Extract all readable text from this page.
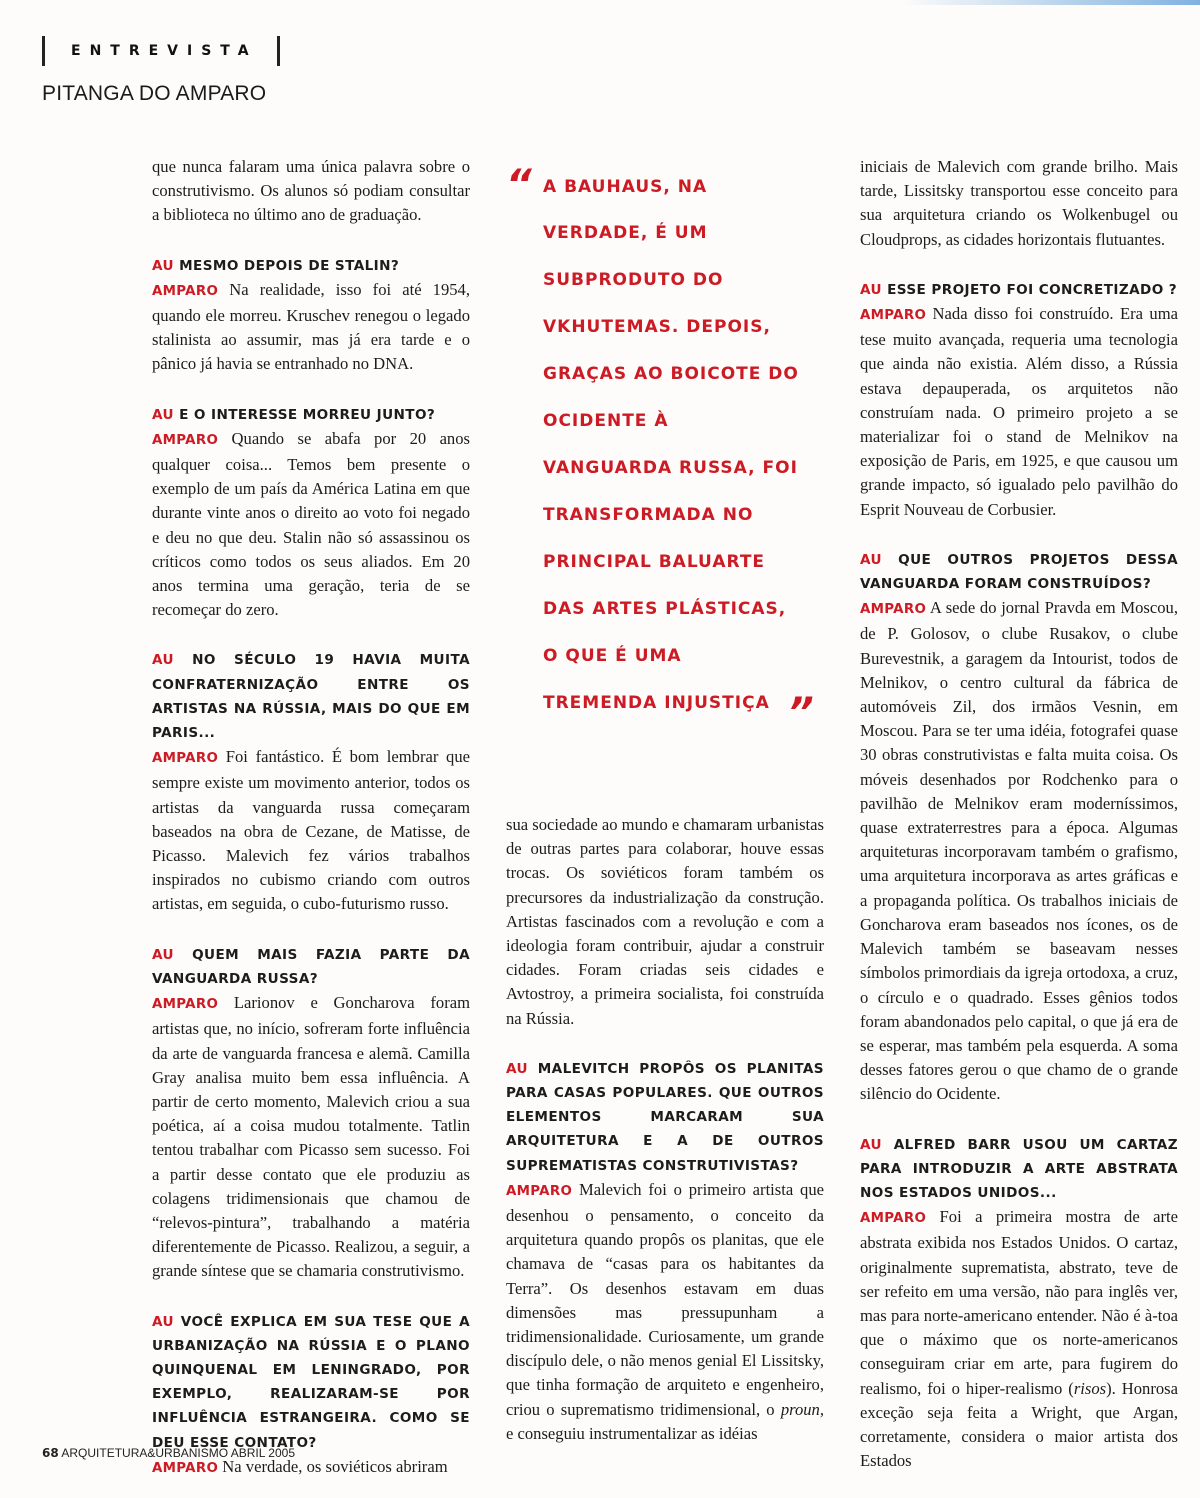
ENTREVISTA
PITANGA DO AMPARO

que nunca falaram uma única palavra sobre o construtivismo. Os alunos só podiam consultar a biblioteca no último ano de graduação.

AU MESMO DEPOIS DE STALIN?

AMPARO Na realidade, isso foi até 1954, quando ele morreu. Kruschev renegou o legado stalinista ao assumir, mas já era tarde e o pânico já havia se entranhado no DNA.

AU E O INTERESSE MORREU JUNTO?

AMPARO Quando se abafa por 20 anos qualquer coisa... Temos bem presente o exemplo de um país da América Latina em que durante vinte anos o direito ao voto foi negado e deu no que deu. Stalin não só assassinou os críticos como todos os seus aliados. Em 20 anos termina uma geração, teria de se recomeçar do zero.

AU NO SÉCULO 19 HAVIA MUITA CONFRATERNIZAÇÃO ENTRE OS ARTISTAS NA RÚSSIA, MAIS DO QUE EM PARIS...

AMPARO Foi fantástico. É bom lembrar que sempre existe um movimento anterior, todos os artistas da vanguarda russa começaram baseados na obra de Cezane, de Matisse, de Picasso. Malevich fez vários trabalhos inspirados no cubismo criando com outros artistas, em seguida, o cubo-futurismo russo.

AU QUEM MAIS FAZIA PARTE DA VANGUARDA RUSSA?

AMPARO Larionov e Goncharova foram artistas que, no início, sofreram forte influência da arte de vanguarda francesa e alemã. Camilla Gray analisa muito bem essa influência. A partir de certo momento, Malevich criou a sua poética, aí a coisa mudou totalmente. Tatlin tentou trabalhar com Picasso sem sucesso. Foi a partir desse contato que ele produziu as colagens tridimensionais que chamou de “relevos-pintura”, trabalhando a matéria diferentemente de Picasso. Realizou, a seguir, a grande síntese que se chamaria construtivismo.

AU VOCÊ EXPLICA EM SUA TESE QUE A URBANIZAÇÃO NA RÚSSIA E O PLANO QUINQUENAL EM LENINGRADO, POR EXEMPLO, REALIZARAM-SE POR INFLUÊNCIA ESTRANGEIRA. COMO SE DEU ESSE CONTATO?

AMPARO Na verdade, os soviéticos abriram

“ A BAUHAUS, NA
VERDADE, É UM
SUBPRODUTO DO
VKHUTEMAS. DEPOIS,
GRAÇAS AO BOICOTE DO
OCIDENTE À
VANGUARDA RUSSA, FOI
TRANSFORMADA NO
PRINCIPAL BALUARTE
DAS ARTES PLÁSTICAS,
O QUE É UMA
TREMENDA INJUSTIÇA ”

sua sociedade ao mundo e chamaram urbanistas de outras partes para colaborar, houve essas trocas. Os soviéticos foram também os precursores da industrialização da construção. Artistas fascinados com a revolução e com a ideologia foram contribuir, ajudar a construir cidades. Foram criadas seis cidades e Avtostroy, a primeira socialista, foi construída na Rússia.

AU MALEVITCH PROPÔS OS PLANITAS PARA CASAS POPULARES. QUE OUTROS ELEMENTOS MARCARAM SUA ARQUITETURA E A DE OUTROS SUPREMATISTAS CONSTRUTIVISTAS?

AMPARO Malevich foi o primeiro artista que desenhou o pensamento, o conceito da arquitetura quando propôs os planitas, que ele chamava de “casas para os habitantes da Terra”. Os desenhos estavam em duas dimensões mas pressupunham a tridimensionalidade. Curiosamente, um grande discípulo dele, o não menos genial El Lissitsky, que tinha formação de arquiteto e engenheiro, criou o suprematismo tridimensional, o proun, e conseguiu instrumentalizar as idéias

iniciais de Malevich com grande brilho. Mais tarde, Lissitsky transportou esse conceito para sua arquitetura criando os Wolkenbugel ou Cloudprops, as cidades horizontais flutuantes.

AU ESSE PROJETO FOI CONCRETIZADO ?

AMPARO Nada disso foi construído. Era uma tese muito avançada, requeria uma tecnologia que ainda não existia. Além disso, a Rússia estava depauperada, os arquitetos não construíam nada. O primeiro projeto a se materializar foi o stand de Melnikov na exposição de Paris, em 1925, e que causou um grande impacto, só igualado pelo pavilhão do Esprit Nouveau de Corbusier.

AU QUE OUTROS PROJETOS DESSA VANGUARDA FORAM CONSTRUÍDOS?

AMPARO A sede do jornal Pravda em Moscou, de P. Golosov, o clube Rusakov, o clube Burevestnik, a garagem da Intourist, todos de Melnikov, o centro cultural da fábrica de automóveis Zil, dos irmãos Vesnin, em Moscou. Para se ter uma idéia, fotografei quase 30 obras construtivistas e falta muita coisa. Os móveis desenhados por Rodchenko para o pavilhão de Melnikov eram moderníssimos, quase extraterrestres para a época. Algumas arquiteturas incorporavam também o grafismo, uma arquitetura incorporava as artes gráficas e a propaganda política. Os trabalhos iniciais de Goncharova eram baseados nos ícones, os de Malevich também se baseavam nesses símbolos primordiais da igreja ortodoxa, a cruz, o círculo e o quadrado. Esses gênios todos foram abandonados pelo capital, o que já era de se esperar, mas também pela esquerda. A soma desses fatores gerou o que chamo de o grande silêncio do Ocidente.

AU ALFRED BARR USOU UM CARTAZ PARA INTRODUZIR A ARTE ABSTRATA NOS ESTADOS UNIDOS...

AMPARO Foi a primeira mostra de arte abstrata exibida nos Estados Unidos. O cartaz, originalmente suprematista, abstrato, teve de ser refeito em uma versão, não para inglês ver, mas para norte-americano entender. Não é à-toa que o máximo que os norte-americanos conseguiram criar em arte, para fugirem do realismo, foi o hiper-realismo (risos). Honrosa exceção seja feita a Wright, que Argan, corretamente, considera o maior artista dos Estados

68 ARQUITETURA&URBANISMO ABRIL 2005
